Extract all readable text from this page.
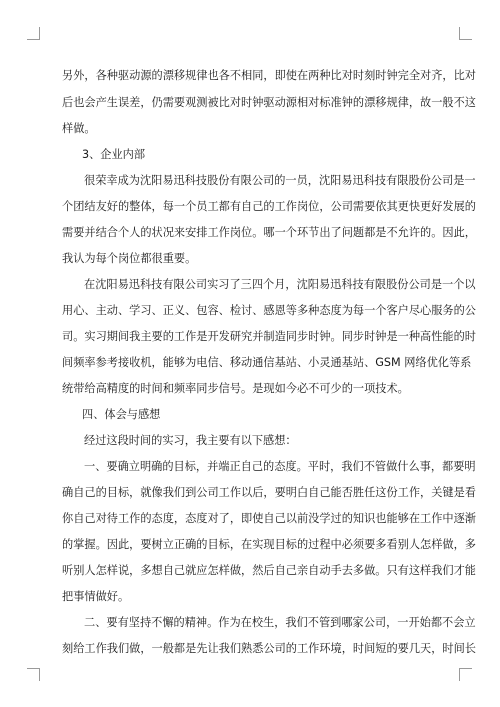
另外，各种驱动源的漂移规律也各不相同，即使在两种比对时刻时钟完全对齐，比对
后也会产生误差，仍需要观测被比对时钟驱动源相对标准钟的漂移规律，故一般不这
样做。
3、企业内部
很荣幸成为沈阳易迅科技股份有限公司的一员，沈阳易迅科技有限股份公司是一
个团结友好的整体，每一个员工都有自己的工作岗位，公司需要依其更快更好发展的
需要并结合个人的状况来安排工作岗位。哪一个环节出了问题都是不允许的。因此，
我认为每个岗位都很重要。
在沈阳易迅科技有限公司实习了三四个月，沈阳易迅科技有限股份公司是一个以
用心、主动、学习、正义、包容、检讨、感恩等多种态度为每一个客户尽心服务的公
司。实习期间我主要的工作是开发研究并制造同步时钟。同步时钟是一种高性能的时
间频率参考接收机，能够为电信、移动通信基站、小灵通基站、GSM 网络优化等系
统带给高精度的时间和频率同步信号。是现如今必不可少的一项技术。
四、体会与感想
经过这段时间的实习，我主要有以下感想：
一、要确立明确的目标，并端正自己的态度。平时，我们不管做什么事，都要明
确自己的目标，就像我们到公司工作以后，要明白自己能否胜任这份工作，关键是看
你自己对待工作的态度，态度对了，即使自己以前没学过的知识也能够在工作中逐渐
的掌握。因此，要树立正确的目标，在实现目标的过程中必须要多看别人怎样做，多
听别人怎样说，多想自己就应怎样做，然后自己亲自动手去多做。只有这样我们才能
把事情做好。
二、要有坚持不懈的精神。作为在校生，我们不管到哪家公司，一开始都不会立
刻给工作我们做，一般都是先让我们熟悉公司的工作环境，时间短的要几天，时间长
